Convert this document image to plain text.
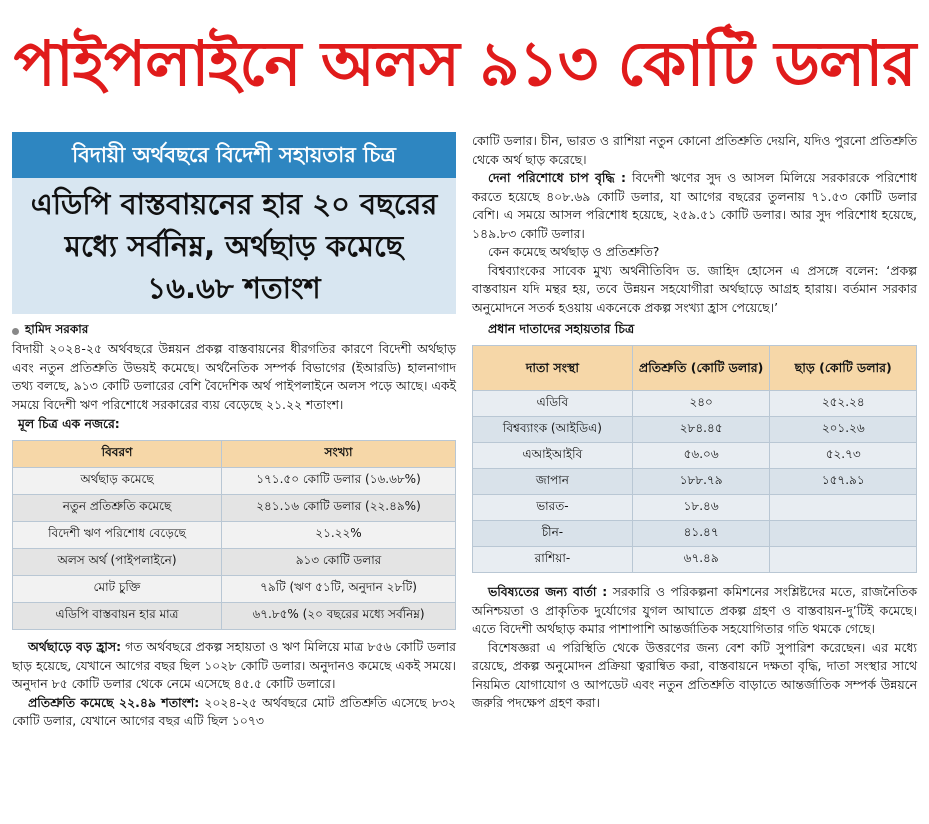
পাইপলাইনে অলস ৯১৩ কোটি ডলার
বিদায়ী অর্থবছরে বিদেশী সহায়তার চিত্র
এডিপি বাস্তবায়নের হার ২০ বছরের মধ্যে সর্বনিম্ন, অর্থছাড় কমেছে ১৬.৬৮ শতাংশ
হামিদ সরকার

বিদায়ী ২০২৪-২৫ অর্থবছরে উন্নয়ন প্রকল্প বাস্তবায়নের ধীরগতির কারণে বিদেশী অর্থছাড় এবং নতুন প্রতিশ্রুতি উভয়ই কমেছে। অর্থনৈতিক সম্পর্ক বিভাগের (ইআরডি) হালনাগাদ তথ্য বলছে, ৯১৩ কোটি ডলারের বেশি বৈদেশিক অর্থ পাইপলাইনে অলস পড়ে আছে। একই সময়ে বিদেশী ঋণ পরিশোধে সরকারের ব্যয় বেড়েছে ২১.২২ শতাংশ।

মূল চিত্র এক নজরে:
বিবরণ	সংখ্যা
অর্থছাড় কমেছে	১৭১.৫০ কোটি ডলার (১৬.৬৮%)
নতুন প্রতিশ্রুতি কমেছে	২৪১.১৬ কোটি ডলার (২২.৪৯%)
বিদেশী ঋণ পরিশোধ বেড়েছে	২১.২২%
অলস অর্থ (পাইপলাইনে)	৯১৩ কোটি ডলার
মোট চুক্তি	৭৯টি (ঋণ ৫১টি, অনুদান ২৮টি)
এডিপি বাস্তবায়ন হার মাত্র	৬৭.৮৫% (২০ বছরের মধ্যে সর্বনিম্ন)

অর্থছাড়ে বড় হ্রাস: গত অর্থবছরে প্রকল্প সহায়তা ও ঋণ মিলিয়ে মাত্র ৮৫৬ কোটি ডলার ছাড় হয়েছে, যেখানে আগের বছর ছিল ১০২৮ কোটি ডলার। অনুদানও কমেছে একই সময়ে। অনুদান ৮৫ কোটি ডলার থেকে নেমে এসেছে ৪৫.৫ কোটি ডলারে।

প্রতিশ্রুতি কমেছে ২২.৪৯ শতাংশ: ২০২৪-২৫ অর্থবছরে মোট প্রতিশ্রুতি এসেছে ৮৩২ কোটি ডলার, যেখানে আগের বছর এটি ছিল ১০৭৩

কোটি ডলার। চীন, ভারত ও রাশিয়া নতুন কোনো প্রতিশ্রুতি দেয়নি, যদিও পুরনো প্রতিশ্রুতি থেকে অর্থ ছাড় করেছে।

দেনা পরিশোধে চাপ বৃদ্ধি : বিদেশী ঋণের সুদ ও আসল মিলিয়ে সরকারকে পরিশোধ করতে হয়েছে ৪০৮.৬৯ কোটি ডলার, যা আগের বছরের তুলনায় ৭১.৫৩ কোটি ডলার বেশি। এ সময়ে আসল পরিশোধ হয়েছে, ২৫৯.৫১ কোটি ডলার। আর সুদ পরিশোধ হয়েছে, ১৪৯.৮৩ কোটি ডলার।

কেন কমেছে অর্থছাড় ও প্রতিশ্রুতি?

বিশ্বব্যাংকের সাবেক মুখ্য অর্থনীতিবিদ ড. জাহিদ হোসেন এ প্রসঙ্গে বলেন: ‘প্রকল্প বাস্তবায়ন যদি মন্থর হয়, তবে উন্নয়ন সহযোগীরা অর্থছাড়ে আগ্রহ হারায়। বর্তমান সরকার অনুমোদনে সতর্ক হওয়ায় একনেকে প্রকল্প সংখ্যা হ্রাস পেয়েছে।’

প্রধান দাতাদের সহায়তার চিত্র
দাতা সংস্থা	প্রতিশ্রুতি (কোটি ডলার)	ছাড় (কোটি ডলার)
এডিবি	২৪০	২৫২.২৪
বিশ্বব্যাংক (আইডিএ)	২৮৪.৪৫	২০১.২৬
এআইআইবি	৫৬.০৬	৫২.৭৩
জাপান	১৮৮.৭৯	১৫৭.৯১
ভারত-	১৮.৪৬	
চীন-	৪১.৪৭	
রাশিয়া-	৬৭.৪৯	

ভবিষ্যতের জন্য বার্তা : সরকারি ও পরিকল্পনা কমিশনের সংশ্লিষ্টদের মতে, রাজনৈতিক অনিশ্চয়তা ও প্রাকৃতিক দুর্যোগের যুগল আঘাতে প্রকল্প গ্রহণ ও বাস্তবায়ন-দু’টিই কমেছে। এতে বিদেশী অর্থছাড় কমার পাশাপাশি আন্তর্জাতিক সহযোগিতার গতি থমকে গেছে।

বিশেষজ্ঞরা এ পরিস্থিতি থেকে উত্তরণের জন্য বেশ কটি সুপারিশ করেছেন। এর মধ্যে রয়েছে, প্রকল্প অনুমোদন প্রক্রিয়া ত্বরান্বিত করা, বাস্তবায়নে দক্ষতা বৃদ্ধি, দাতা সংস্থার সাথে নিয়মিত যোগাযোগ ও আপডেট এবং নতুন প্রতিশ্রুতি বাড়াতে আন্তর্জাতিক সম্পর্ক উন্নয়নে জরুরি পদক্ষেপ গ্রহণ করা।
